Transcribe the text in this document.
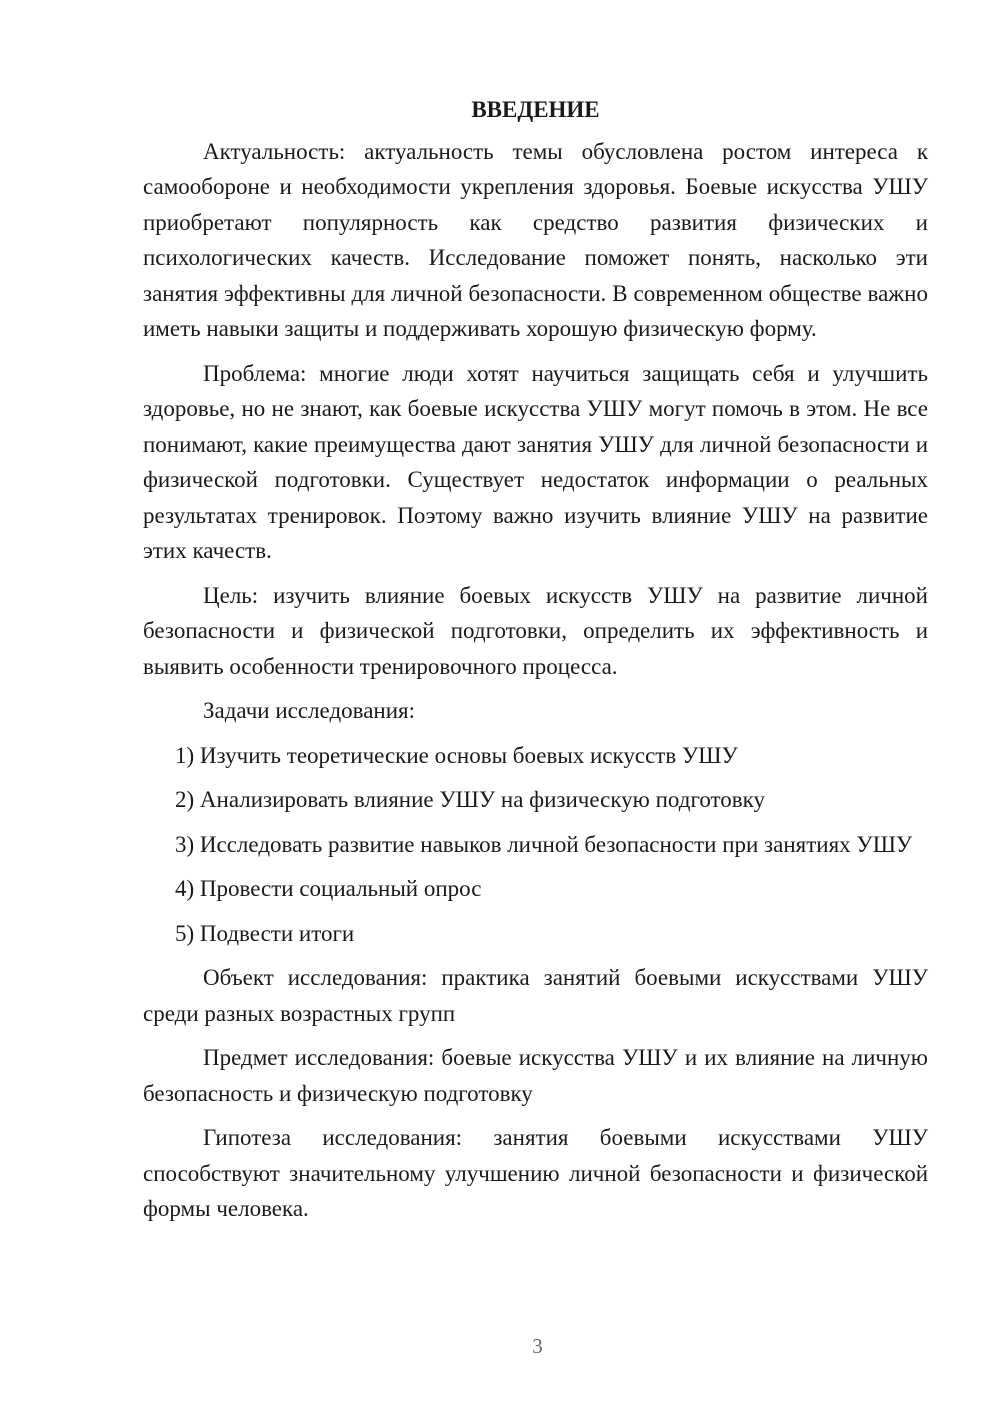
ВВЕДЕНИЕ

Актуальность: актуальность темы обусловлена ростом интереса к самообороне и необходимости укрепления здоровья. Боевые искусства УШУ приобретают популярность как средство развития физических и психологических качеств. Исследование поможет понять, насколько эти занятия эффективны для личной безопасности. В современном обществе важно иметь навыки защиты и поддерживать хорошую физическую форму.

Проблема: многие люди хотят научиться защищать себя и улучшить здоровье, но не знают, как боевые искусства УШУ могут помочь в этом. Не все понимают, какие преимущества дают занятия УШУ для личной безопасности и физической подготовки. Существует недостаток информации о реальных результатах тренировок. Поэтому важно изучить влияние УШУ на развитие этих качеств.

Цель: изучить влияние боевых искусств УШУ на развитие личной безопасности и физической подготовки, определить их эффективность и выявить особенности тренировочного процесса.

Задачи исследования:

1) Изучить теоретические основы боевых искусств УШУ

2) Анализировать влияние УШУ на физическую подготовку

3) Исследовать развитие навыков личной безопасности при занятиях УШУ

4) Провести социальный опрос

5) Подвести итоги

Объект исследования: практика занятий боевыми искусствами УШУ среди разных возрастных групп

Предмет исследования: боевые искусства УШУ и их влияние на личную безопасность и физическую подготовку

Гипотеза исследования: занятия боевыми искусствами УШУ способствуют значительному улучшению личной безопасности и физической формы человека.

3
